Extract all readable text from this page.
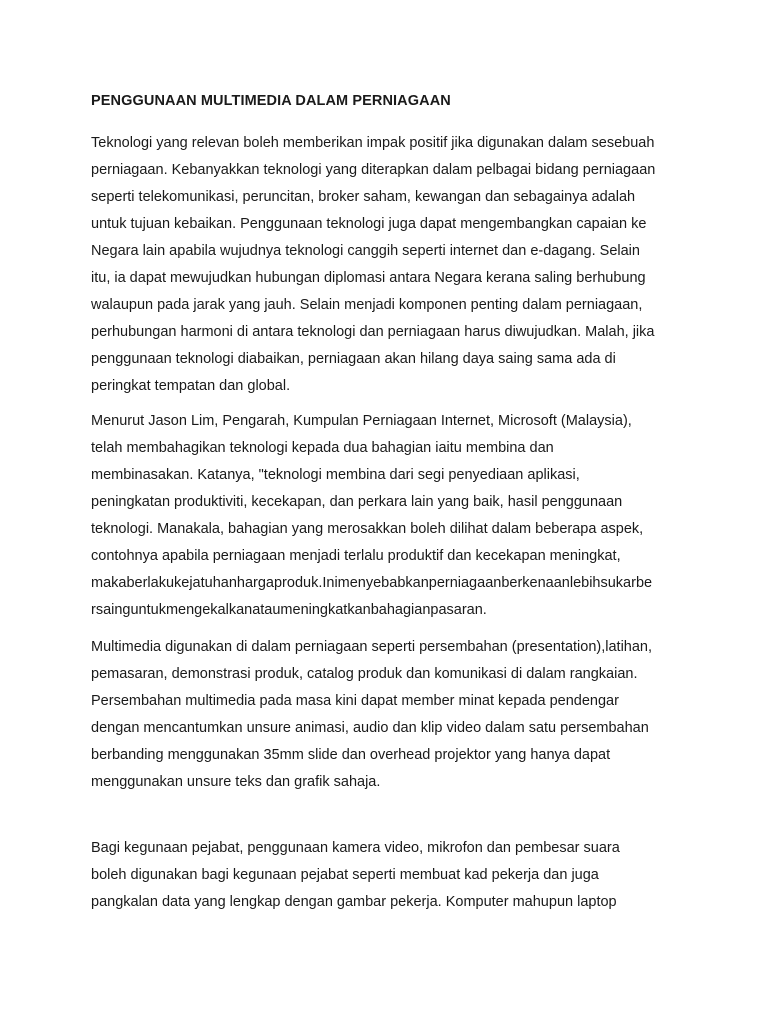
PENGGUNAAN MULTIMEDIA DALAM PERNIAGAAN

Teknologi yang relevan boleh memberikan impak positif jika digunakan dalam sesebuah
perniagaan. Kebanyakkan teknologi yang diterapkan dalam pelbagai bidang perniagaan
seperti telekomunikasi, peruncitan, broker saham, kewangan dan sebagainya adalah
untuk tujuan kebaikan. Penggunaan teknologi juga dapat mengembangkan capaian ke
Negara lain apabila wujudnya teknologi canggih seperti internet dan e-dagang. Selain
itu, ia dapat mewujudkan hubungan diplomasi antara Negara kerana saling berhubung
walaupun pada jarak yang jauh. Selain menjadi komponen penting dalam perniagaan,
perhubungan harmoni di antara teknologi dan perniagaan harus diwujudkan. Malah, jika
penggunaan teknologi diabaikan, perniagaan akan hilang daya saing sama ada di
peringkat tempatan dan global.

Menurut Jason Lim, Pengarah, Kumpulan Perniagaan Internet, Microsoft (Malaysia),
telah membahagikan teknologi kepada dua bahagian iaitu membina dan
membinasakan. Katanya, "teknologi membina dari segi penyediaan aplikasi,
peningkatan produktiviti, kecekapan, dan perkara lain yang baik, hasil penggunaan
teknologi. Manakala, bahagian yang merosakkan boleh dilihat dalam beberapa aspek,
contohnya apabila perniagaan menjadi terlalu produktif dan kecekapan meningkat,
makaberlakukejatuhanhargaproduk.Inimenyebabkanperniagaanberkenaanlebihsukarbe
rsainguntukmengekalkanataumeningkatkanbahagianpasaran.

Multimedia digunakan di dalam perniagaan seperti persembahan (presentation),latihan,
pemasaran, demonstrasi produk, catalog produk dan komunikasi di dalam rangkaian.
Persembahan multimedia pada masa kini dapat member minat kepada pendengar
dengan mencantumkan unsure animasi, audio dan klip video dalam satu persembahan
berbanding menggunakan 35mm slide dan overhead projektor yang hanya dapat
menggunakan unsure teks dan grafik sahaja.

Bagi kegunaan pejabat, penggunaan kamera video, mikrofon dan pembesar suara
boleh digunakan bagi kegunaan pejabat seperti membuat kad pekerja dan juga
pangkalan data yang lengkap dengan gambar pekerja. Komputer mahupun laptop
